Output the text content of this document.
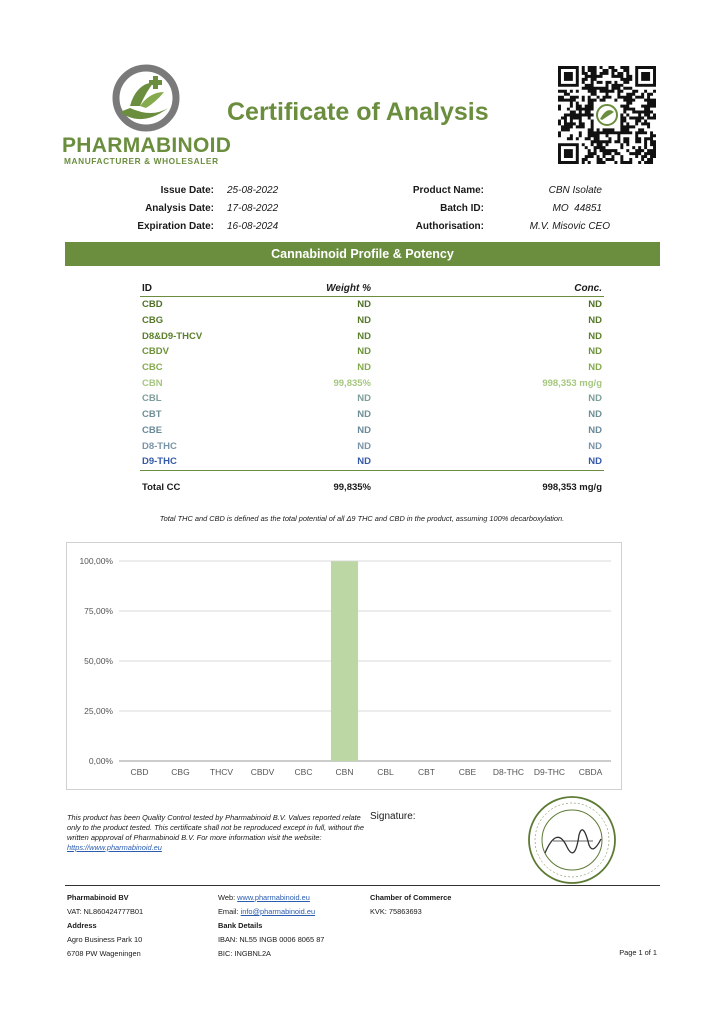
PHARMABINOID
MANUFACTURER & WHOLESALER
Certificate of Analysis
Issue Date: 25-08-2022
Analysis Date: 17-08-2022
Expiration Date: 16-08-2024
Product Name:	CBN Isolate
Batch ID:	MO  44851
Authorisation:	M.V. Misovic CEO
Cannabinoid Profile & Potency
ID	Weight %	Conc.
CBD	ND	ND
CBG	ND	ND
D8&D9-THCV	ND	ND
CBDV	ND	ND
CBC	ND	ND
CBN	99,835%	998,353 mg/g
CBL	ND	ND
CBT	ND	ND
CBE	ND	ND
D8-THC	ND	ND
D9-THC	ND	ND
Total CC	99,835%	998,353 mg/g
Total THC and CBD is defined as the total potential of all Δ9 THC and CBD in the product, assuming 100% decarboxylation.
0,00%
25,00%
50,00%
75,00%
100,00%
CBD	CBG THCV CBDV CBC	CBN	CBL	CBT	CBE D8-THC D9-THC CBDA
This product has been Quality Control tested by Pharmabinoid B.V. Values reported relate only to the product tested. This certificate shall not be reproduced except in full, without the written appproval of Pharmabinoid B.V. For more information visit the website: https://www.pharmabinoid.eu
Signature:
Pharmabinoid BV
VAT: NL860424777B01
Address
Agro Business Park 10
6708 PW Wageningen
Web: www.pharmabinoid.eu
Email: info@pharmabinoid.eu
Bank Details
IBAN: NL55 INGB 0006 8065 87
BIC: INGBNL2A
Chamber of Commerce
KVK: 75863693
Page 1 of 1
